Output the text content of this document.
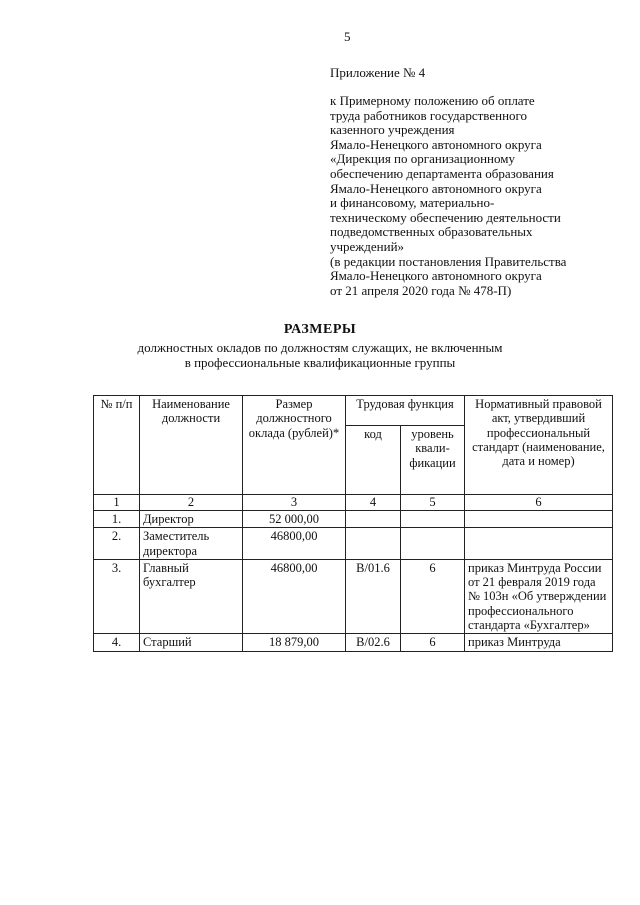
5
Приложение № 4
к Примерному положению об оплате
труда работников государственного
казенного учреждения
Ямало-Ненецкого автономного округа
«Дирекция по организационному
обеспечению департамента образования
Ямало-Ненецкого автономного округа
и финансовому, материально-
техническому обеспечению деятельности
подведомственных образовательных
учреждений»
(в редакции постановления Правительства
Ямало-Ненецкого автономного округа
от 21 апреля 2020 года № 478-П)
РАЗМЕРЫ
должностных окладов по должностям служащих, не включенным
в профессиональные квалификационные группы
№ п/п	Наименование должности	Размер должностного оклада (рублей)*	Трудовая функция		Нормативный правовой акт, утвердивший профессиональный стандарт (наименование, дата и номер)
			код	уровень квали-фикации	
1	2	3	4	5	6
1.	Директор	52 000,00			
2.	Заместитель директора	46800,00			
3.	Главный бухгалтер	46800,00	B/01.6	6	приказ Минтруда России от 21 февраля 2019 года № 103н «Об утверждении профессионального стандарта «Бухгалтер»
4.	Старший	18 879,00	B/02.6	6	приказ Минтруда
